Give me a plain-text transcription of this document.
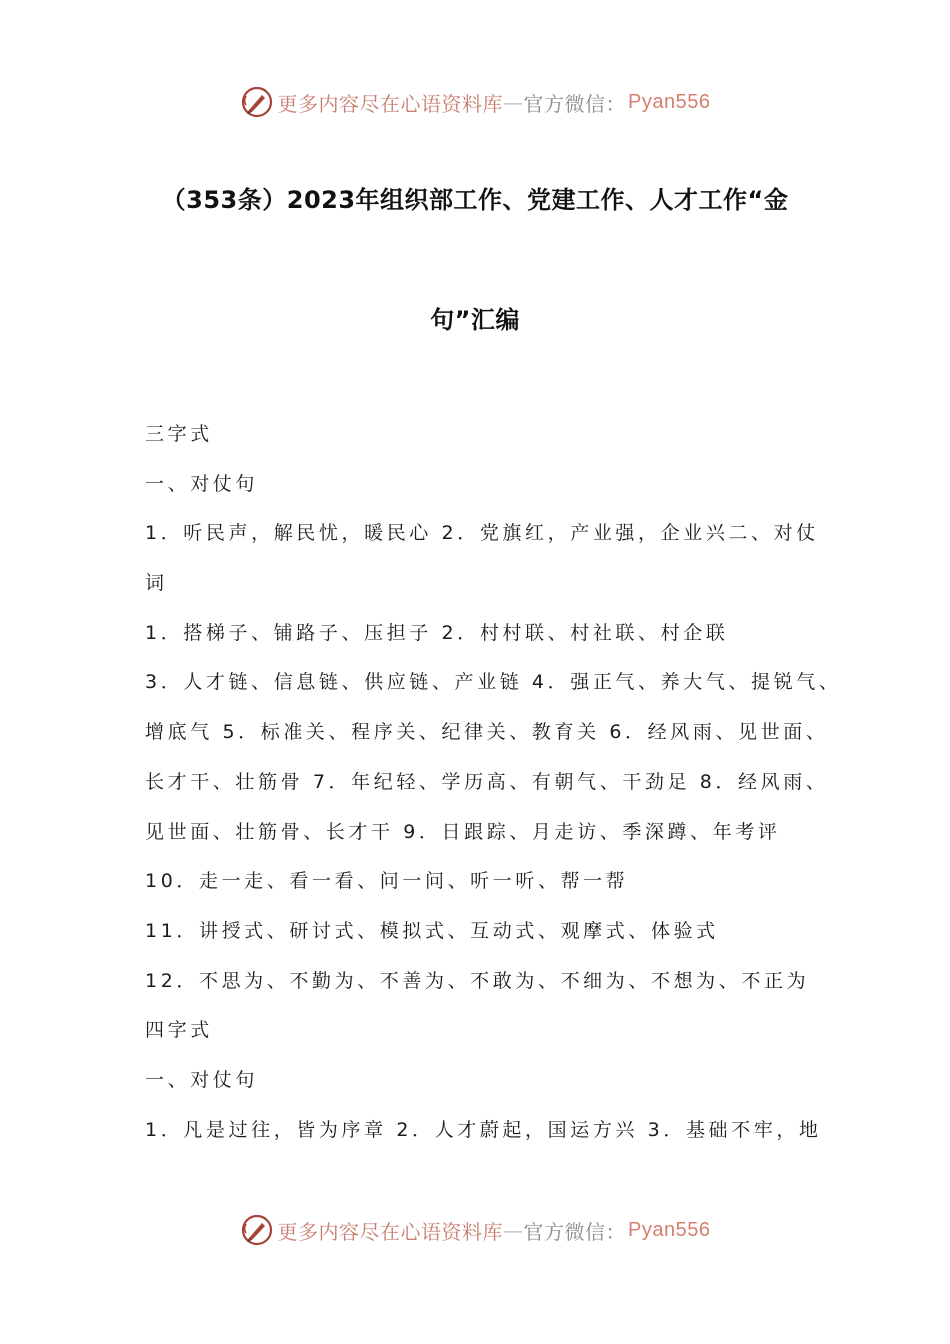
更多内容尽在心语资料库 — 官方微信： Pyan556
（353条）2023年组织部工作、党建工作、人才工作“金
句”汇编

三字式

一、对仗句

1．听民声，解民忧，暖民心 2．党旗红，产业强，企业兴二、对仗

词

1．搭梯子、铺路子、压担子 2．村村联、村社联、村企联

3．人才链、信息链、供应链、产业链 4．强正气、养大气、提锐气、

增底气 5．标准关、程序关、纪律关、教育关 6．经风雨、见世面、

长才干、壮筋骨 7．年纪轻、学历高、有朝气、干劲足 8．经风雨、

见世面、壮筋骨、长才干 9．日跟踪、月走访、季深蹲、年考评

10．走一走、看一看、问一问、听一听、帮一帮

11．讲授式、研讨式、模拟式、互动式、观摩式、体验式

12．不思为、不勤为、不善为、不敢为、不细为、不想为、不正为

四字式

一、对仗句

1．凡是过往，皆为序章 2．人才蔚起，国运方兴 3．基础不牢，地

更多内容尽在心语资料库 — 官方微信： Pyan556
